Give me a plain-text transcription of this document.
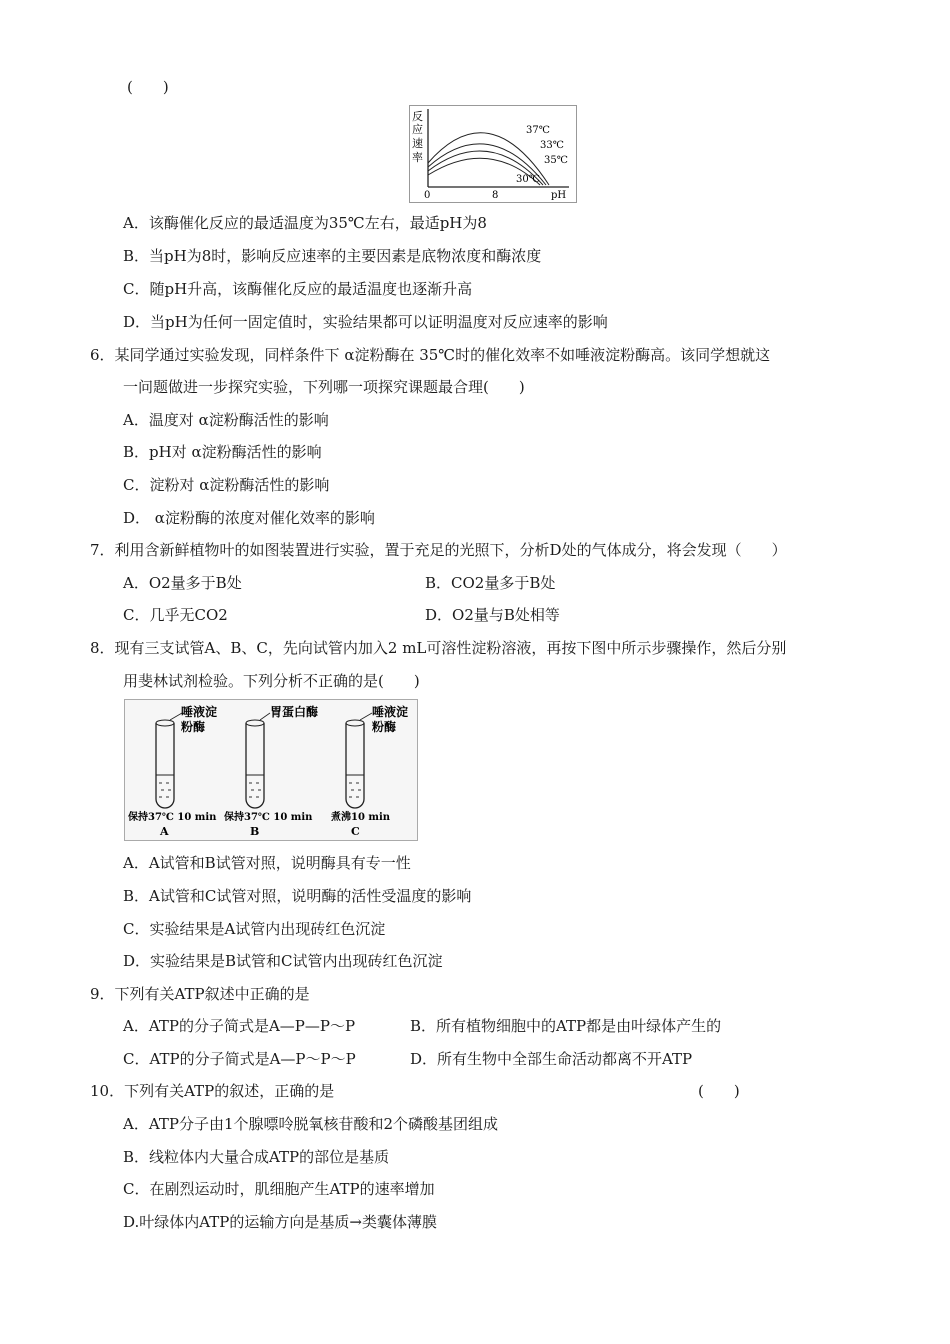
(　　)
反
应
速
率
37℃
33℃
35℃
30℃
0	8	pH
A．该酶催化反应的最适温度为35℃左右，最适pH为8
B．当pH为8时，影响反应速率的主要因素是底物浓度和酶浓度
C．随pH升高，该酶催化反应的最适温度也逐渐升高
D．当pH为任何一固定值时，实验结果都可以证明温度对反应速率的影响
6．某同学通过实验发现，同样条件下 α淀粉酶在 35℃时的催化效率不如唾液淀粉酶高。该同学想就这
一问题做进一步探究实验，下列哪一项探究课题最合理(　　)
A．温度对 α淀粉酶活性的影响
B．pH对 α淀粉酶活性的影响
C．淀粉对 α淀粉酶活性的影响
D． α淀粉酶的浓度对催化效率的影响
7．利用含新鲜植物叶的如图装置进行实验，置于充足的光照下，分析D处的气体成分，将会发现（　　）
A．O2量多于B处	B．CO2量多于B处
C．几乎无CO2	D．O2量与B处相等
8．现有三支试管A、B、C，先向试管内加入2 mL可溶性淀粉溶液，再按下图中所示步骤操作，然后分别
用斐林试剂检验。下列分析不正确的是(　　)
唾液淀
粉酶
保持37℃ 10 min
A
胃蛋白酶
保持37℃ 10 min
B
唾液淀
粉酶
煮沸10 min
C
A．A试管和B试管对照，说明酶具有专一性
B．A试管和C试管对照，说明酶的活性受温度的影响
C．实验结果是A试管内出现砖红色沉淀
D．实验结果是B试管和C试管内出现砖红色沉淀
9．下列有关ATP叙述中正确的是
A．ATP的分子简式是A—P—P～P	B．所有植物细胞中的ATP都是由叶绿体产生的
C．ATP的分子简式是A—P～P～P	D．所有生物中全部生命活动都离不开ATP
10．下列有关ATP的叙述，正确的是	(　　)
A．ATP分子由1个腺嘌呤脱氧核苷酸和2个磷酸基团组成
B．线粒体内大量合成ATP的部位是基质
C．在剧烈运动时，肌细胞产生ATP的速率增加
D.叶绿体内ATP的运输方向是基质→类囊体薄膜
